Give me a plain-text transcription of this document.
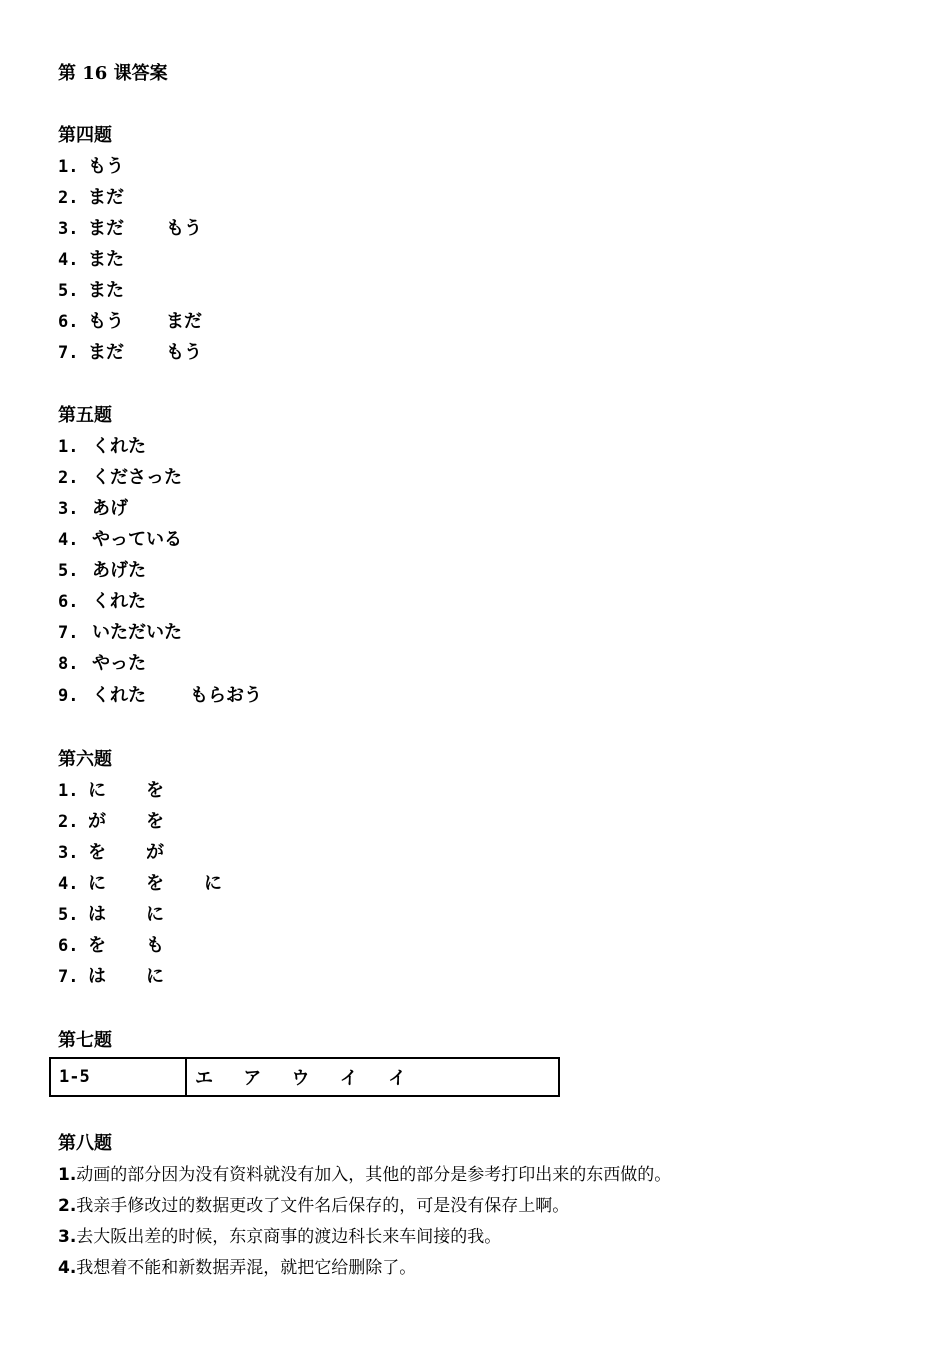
第 16 课答案
第四题
1. もう
2. まだ
3. まだ もう
4. また
5. また
6. もう まだ
7. まだ もう
第五题
1. くれた
2. くださった
3. あげ
4. やっている
5. あげた
6. くれた
7. いただいた
8. やった
9. くれた もらおう
第六题
1. に を
2. が を
3. を が
4. に を に
5. は に
6. を も
7. は に
第七题
1-5	エ ア ウ イ イ
第八题
1.动画的部分因为没有资料就没有加入，其他的部分是参考打印出来的东西做的。
2.我亲手修改过的数据更改了文件名后保存的，可是没有保存上啊。
3.去大阪出差的时候，东京商事的渡边科长来车间接的我。
4.我想着不能和新数据弄混，就把它给删除了。
